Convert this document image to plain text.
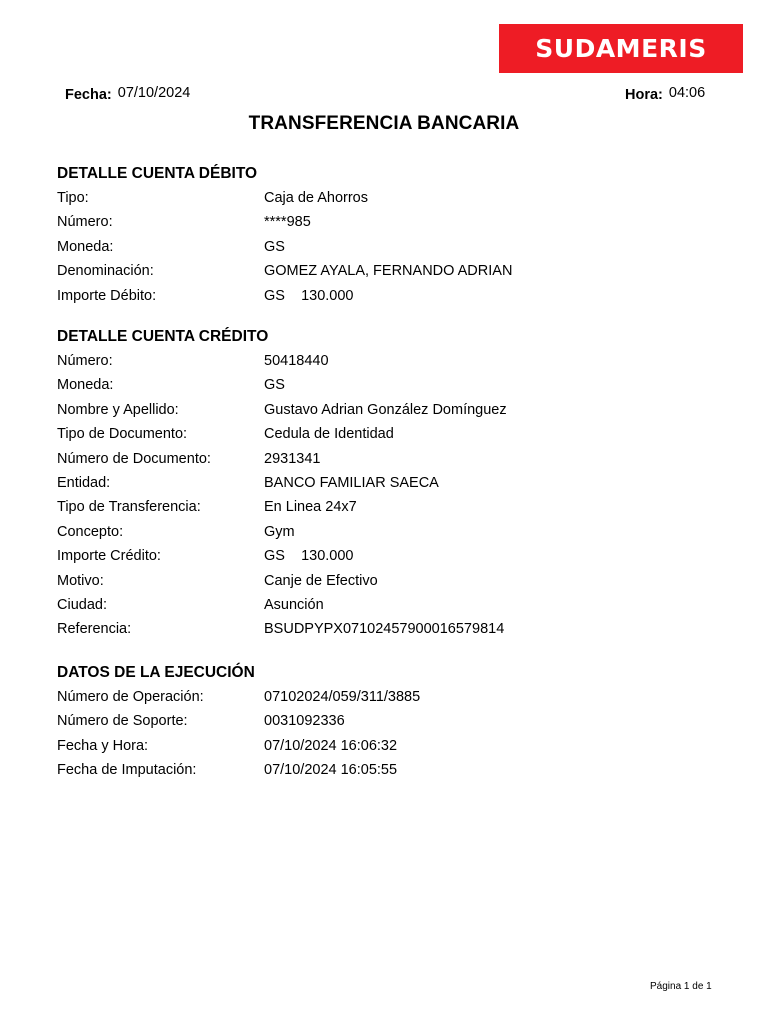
SUDAMERIS
Fecha: 07/10/2024	Hora: 04:06
TRANSFERENCIA BANCARIA
DETALLE CUENTA DÉBITO
Tipo:	Caja de Ahorros
Número:	****985
Moneda:	GS
Denominación:	GOMEZ AYALA, FERNANDO ADRIAN
Importe Débito:	GS    130.000
DETALLE CUENTA CRÉDITO
Número:	50418440
Moneda:	GS
Nombre y Apellido:	Gustavo Adrian González Domínguez
Tipo de Documento:	Cedula de Identidad
Número de Documento:	2931341
Entidad:	BANCO FAMILIAR SAECA
Tipo de Transferencia:	En Linea 24x7
Concepto:	Gym
Importe Crédito:	GS    130.000
Motivo:	Canje de Efectivo
Ciudad:	Asunción
Referencia:	BSUDPYPX07102457900016579814
DATOS DE LA EJECUCIÓN
Número de Operación:	07102024/059/311/3885
Número de Soporte:	0031092336
Fecha y Hora:	07/10/2024 16:06:32
Fecha de Imputación:	07/10/2024 16:05:55
Página 1 de 1
